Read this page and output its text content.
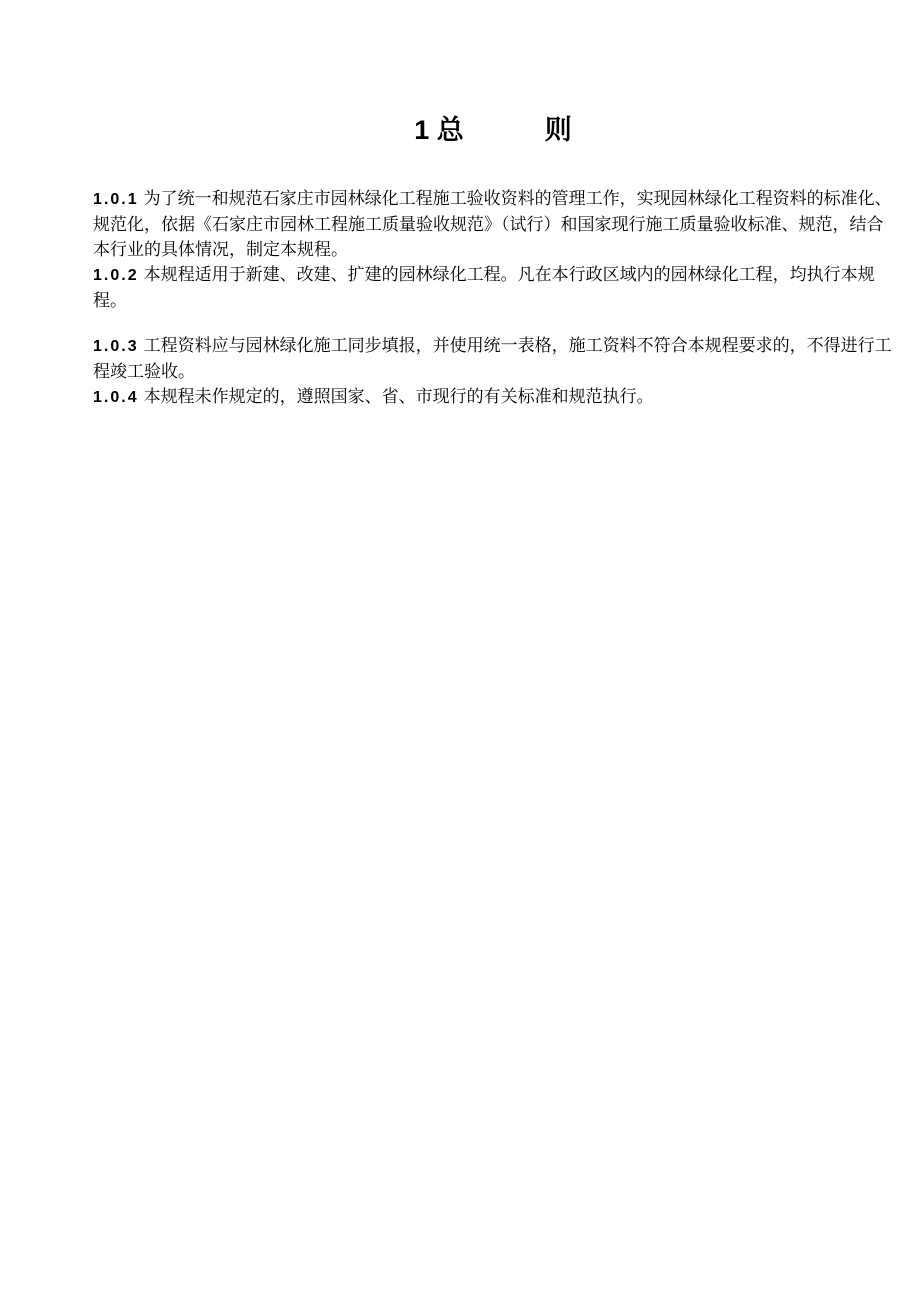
1 总　　　则

1.0.1 为了统一和规范石家庄市园林绿化工程施工验收资料的管理工作，实现园林绿化工程资料的标准化、规范化，依据《石家庄市园林工程施工质量验收规范》（试行）和国家现行施工质量验收标准、规范，结合本行业的具体情况，制定本规程。

1.0.2 本规程适用于新建、改建、扩建的园林绿化工程。凡在本行政区域内的园林绿化工程，均执行本规程。

1.0.3 工程资料应与园林绿化施工同步填报，并使用统一表格，施工资料不符合本规程要求的，不得进行工程竣工验收。

1.0.4 本规程未作规定的，遵照国家、省、市现行的有关标准和规范执行。
